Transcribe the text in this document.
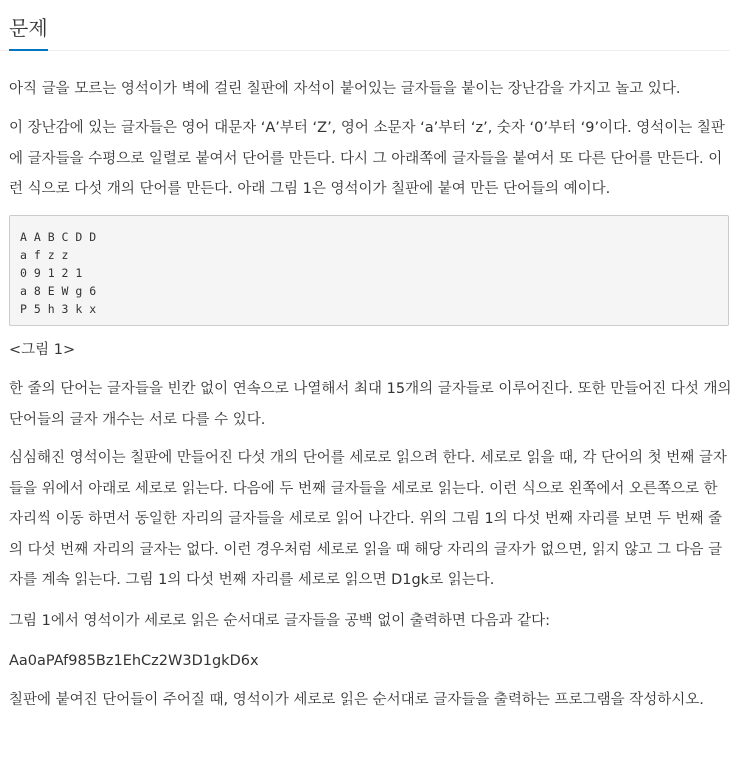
문제
아직 글을 모르는 영석이가 벽에 걸린 칠판에 자석이 붙어있는 글자들을 붙이는 장난감을 가지고 놀고 있다.
이 장난감에 있는 글자들은 영어 대문자 ‘A’부터 ‘Z’, 영어 소문자 ‘a’부터 ‘z’, 숫자 ‘0’부터 ‘9’이다. 영석이는 칠판에 글자들을 수평으로 일렬로 붙여서 단어를 만든다. 다시 그 아래쪽에 글자들을 붙여서 또 다른 단어를 만든다. 이런 식으로 다섯 개의 단어를 만든다. 아래 그림 1은 영석이가 칠판에 붙여 만든 단어들의 예이다.
A A B C D D
a f z z
0 9 1 2 1
a 8 E W g 6
P 5 h 3 k x
<그림 1>
한 줄의 단어는 글자들을 빈칸 없이 연속으로 나열해서 최대 15개의 글자들로 이루어진다. 또한 만들어진 다섯 개의 단어들의 글자 개수는 서로 다를 수 있다.
심심해진 영석이는 칠판에 만들어진 다섯 개의 단어를 세로로 읽으려 한다. 세로로 읽을 때, 각 단어의 첫 번째 글자들을 위에서 아래로 세로로 읽는다. 다음에 두 번째 글자들을 세로로 읽는다. 이런 식으로 왼쪽에서 오른쪽으로 한 자리씩 이동 하면서 동일한 자리의 글자들을 세로로 읽어 나간다. 위의 그림 1의 다섯 번째 자리를 보면 두 번째 줄의 다섯 번째 자리의 글자는 없다. 이런 경우처럼 세로로 읽을 때 해당 자리의 글자가 없으면, 읽지 않고 그 다음 글자를 계속 읽는다. 그림 1의 다섯 번째 자리를 세로로 읽으면 D1gk로 읽는다.
그림 1에서 영석이가 세로로 읽은 순서대로 글자들을 공백 없이 출력하면 다음과 같다:
Aa0aPAf985Bz1EhCz2W3D1gkD6x
칠판에 붙여진 단어들이 주어질 때, 영석이가 세로로 읽은 순서대로 글자들을 출력하는 프로그램을 작성하시오.
